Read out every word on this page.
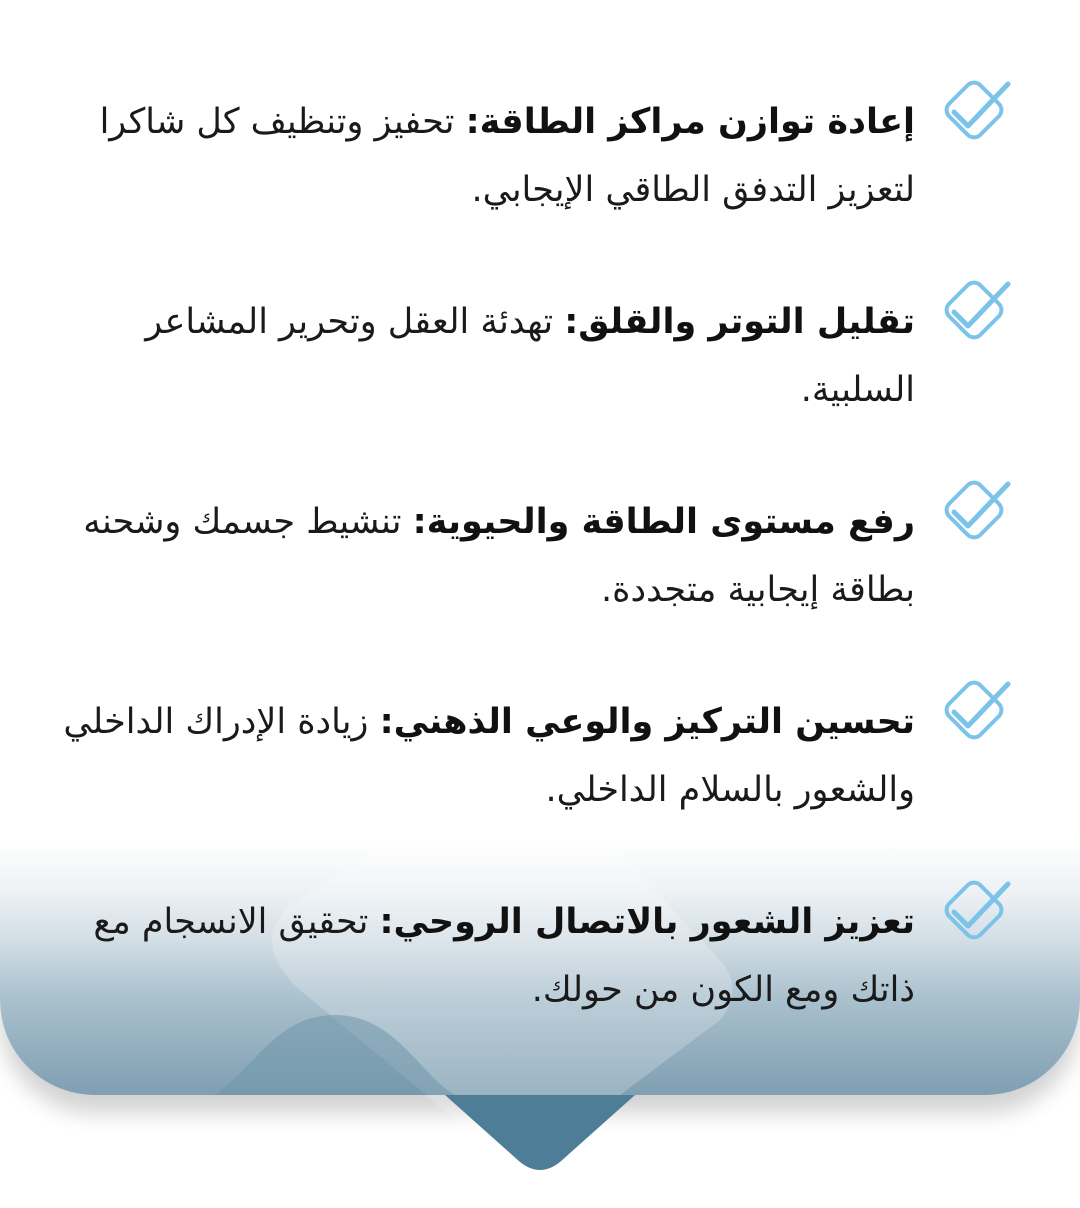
إعادة توازن مراكز الطاقة: تحفيز وتنظيف كل شاكرا لتعزيز التدفق الطاقي الإيجابي.
تقليل التوتر والقلق: تهدئة العقل وتحرير المشاعر السلبية.
رفع مستوى الطاقة والحيوية: تنشيط جسمك وشحنه بطاقة إيجابية متجددة.
تحسين التركيز والوعي الذهني: زيادة الإدراك الداخلي والشعور بالسلام الداخلي.
تعزيز الشعور بالاتصال الروحي: تحقيق الانسجام مع ذاتك ومع الكون من حولك.
